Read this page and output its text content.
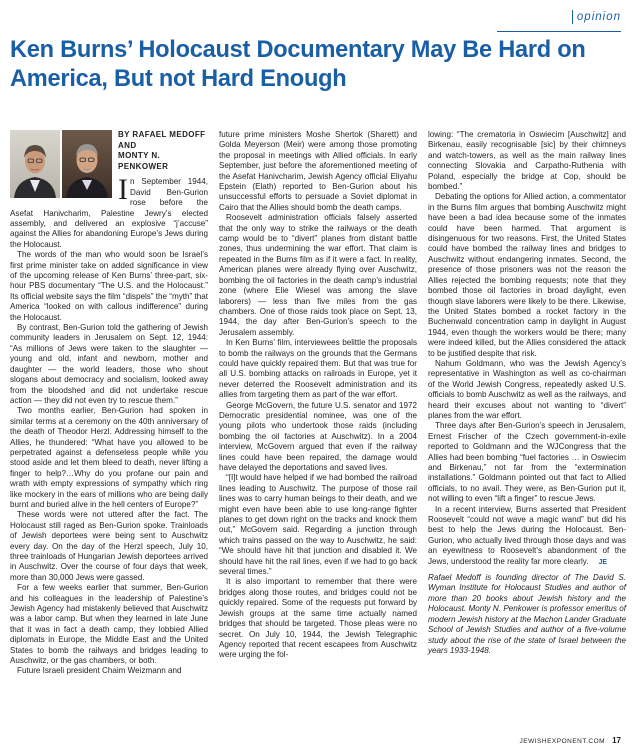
opinion
Ken Burns’ Holocaust Documentary May Be Hard on America, But not Hard Enough
BY RAFAEL MEDOFF AND
MONTY N. PENKOWER
I n September 1944, David Ben-Gurion rose before the Asefat Hanivcharim, Palestine Jewry’s elected assembly, and delivered an explosive “j’accuse” against the Allies for abandoning Europe’s Jews during the Holocaust.

The words of the man who would soon be Israel’s first prime minister take on added significance in view of the upcoming release of Ken Burns’ three-part, six-hour PBS documentary “The U.S. and the Holocaust.” Its official website says the film “dispels” the “myth” that America “looked on with callous indifference” during the Holocaust.

By contrast, Ben-Gurion told the gathering of Jewish community leaders in Jerusalem on Sept. 12, 1944: “As millions of Jews were taken to the slaughter — young and old, infant and newborn, mother and daughter — the world leaders, those who shout slogans about democracy and socialism, looked away from the bloodshed and did not undertake rescue action — they did not even try to rescue them.”

Two months earlier, Ben-Gurion had spoken in similar terms at a ceremony on the 40th anniversary of the death of Theodor Herzl. Addressing himself to the Allies, he thundered: “What have you allowed to be perpetrated against a defenseless people while you stood aside and let them bleed to death, never lifting a finger to help?…Why do you profane our pain and wrath with empty expressions of sympathy which ring like mockery in the ears of millions who are being daily burnt and buried alive in the hell centers of Europe?”

These words were not uttered after the fact. The Holocaust still raged as Ben-Gurion spoke. Trainloads of Jewish deportees were being sent to Auschwitz every day. On the day of the Herzl speech, July 10, three trainloads of Hungarian Jewish deportees arrived in Auschwitz. Over the course of four days that week, more than 30,000 Jews were gassed.

For a few weeks earlier that summer, Ben-Gurion and his colleagues in the leadership of Palestine’s Jewish Agency had mistakenly believed that Auschwitz was a labor camp. But when they learned in late June that it was in fact a death camp, they lobbied Allied diplomats in Europe, the Middle East and the United States to bomb the railways and bridges leading to Auschwitz, or the gas chambers, or both.

Future Israeli president Chaim Weizmann and

future prime ministers Moshe Shertok (Sharett) and Golda Meyerson (Meir) were among those promoting the proposal in meetings with Allied officials. In early September, just before the aforementioned meeting of the Asefat Hanivcharim, Jewish Agency official Eliyahu Epstein (Elath) reported to Ben-Gurion about his unsuccessful efforts to persuade a Soviet diplomat in Cairo that the Allies should bomb the death camps.

Roosevelt administration officials falsely asserted that the only way to strike the railways or the death camp would be to “divert” planes from distant battle zones, thus undermining the war effort. That claim is repeated in the Burns film as if it were a fact. In reality, American planes were already flying over Auschwitz, bombing the oil factories in the death camp’s industrial zone (where Elie Wiesel was among the slave laborers) — less than five miles from the gas chambers. One of those raids took place on Sept. 13, 1944, the day after Ben-Gurion’s speech to the Jerusalem assembly.

In Ken Burns’ film, interviewees belittle the proposals to bomb the railways on the grounds that the Germans could have quickly repaired them. But that was true for all U.S. bombing attacks on railroads in Europe, yet it never deterred the Roosevelt administration and its allies from targeting them as part of the war effort.

George McGovern, the future U.S. senator and 1972 Democratic presidential nominee, was one of the young pilots who undertook those raids (including bombing the oil factories at Auschwitz). In a 2004 interview, McGovern argued that even if the railway lines could have been repaired, the damage would have delayed the deportations and saved lives.

“[I]t would have helped if we had bombed the railroad lines leading to Auschwitz. The purpose of those rail lines was to carry human beings to their death, and we might even have been able to use long-range fighter planes to get down right on the tracks and knock them out,” McGovern said. Regarding a junction through which trains passed on the way to Auschwitz, he said: “We should have hit that junction and disabled it. We should have hit the rail lines, even if we had to go back several times.”

It is also important to remember that there were bridges along those routes, and bridges could not be quickly repaired. Some of the requests put forward by Jewish groups at the same time actually named bridges that should be targeted. Those pleas were no secret. On July 10, 1944, the Jewish Telegraphic Agency reported that recent escapees from Auschwitz were urging the fol-

lowing: “The crematoria in Oswiecim [Auschwitz] and Birkenau, easily recognisable [sic] by their chimneys and watch-towers, as well as the main railway lines connecting Slovakia and Carpatho-Ruthenia with Poland, especially the bridge at Cop, should be bombed.”

Debating the options for Allied action, a commentator in the Burns film argues that bombing Auschwitz might have been a bad idea because some of the inmates could have been harmed. That argument is disingenuous for two reasons. First, the United States could have bombed the railway lines and bridges to Auschwitz without endangering inmates. Second, the presence of those prisoners was not the reason the Allies rejected the bombing requests; note that they bombed those oil factories in broad daylight, even though slave laborers were likely to be there. Likewise, the United States bombed a rocket factory in the Buchenwald concentration camp in daylight in August 1944, even though the workers would be there; many were indeed killed, but the Allies considered the attack to be justified despite that risk.

Nahum Goldmann, who was the Jewish Agency’s representative in Washington as well as co-chairman of the World Jewish Congress, repeatedly asked U.S. officials to bomb Auschwitz as well as the railways, and heard their excuses about not wanting to “divert” planes from the war effort.

Three days after Ben-Gurion’s speech in Jerusalem, Ernest Frischer of the Czech government-in-exile reported to Goldmann and the WJCongress that the Allies had been bombing “fuel factories … in Oswiecim and Birkenau,” not far from the “extermination installations.” Goldmann pointed out that fact to Allied officials, to no avail. They were, as Ben-Gurion put it, not willing to even “lift a finger” to rescue Jews.

In a recent interview, Burns asserted that President Roosevelt “could not wave a magic wand” but did his best to help the Jews during the Holocaust. Ben-Gurion, who actually lived through those days and was an eyewitness to Roosevelt’s abandonment of the Jews, understood the reality far more clearly. JE

Rafael Medoff is founding director of The David S. Wyman Institute for Holocaust Studies and author of more than 20 books about Jewish history and the Holocaust. Monty N. Penkower is professor emeritus of modern Jewish history at the Machon Lander Graduate School of Jewish Studies and author of a five-volume study about the rise of the state of Israel between the years 1933-1948.

JEWISHEXPONENT.COM 17
